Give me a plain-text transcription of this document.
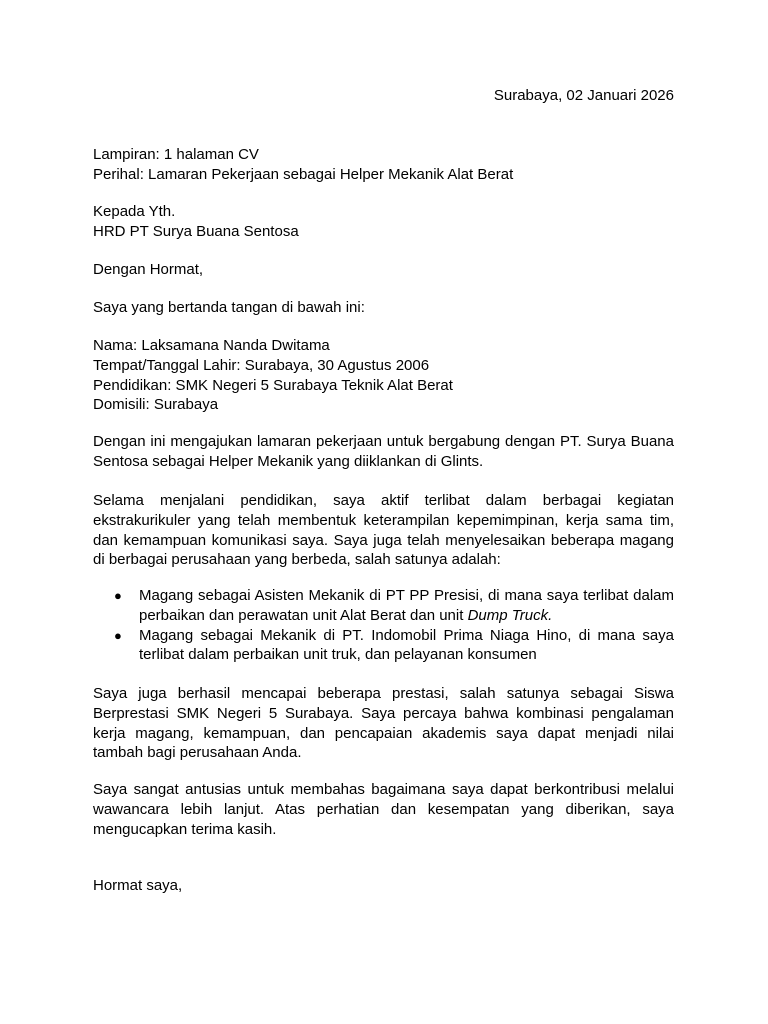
Surabaya, 02 Januari 2026
Lampiran: 1 halaman CV
Perihal: Lamaran Pekerjaan sebagai Helper Mekanik Alat Berat
Kepada Yth.
HRD PT Surya Buana Sentosa
Dengan Hormat,
Saya yang bertanda tangan di bawah ini:
Nama: Laksamana Nanda Dwitama
Tempat/Tanggal Lahir: Surabaya, 30 Agustus 2006
Pendidikan: SMK Negeri 5 Surabaya Teknik Alat Berat
Domisili: Surabaya

Dengan ini mengajukan lamaran pekerjaan untuk bergabung dengan PT. Surya Buana Sentosa sebagai Helper Mekanik yang diiklankan di Glints.

Selama menjalani pendidikan, saya aktif terlibat dalam berbagai kegiatan ekstrakurikuler yang telah membentuk keterampilan kepemimpinan, kerja sama tim, dan kemampuan komunikasi saya. Saya juga telah menyelesaikan beberapa magang di berbagai perusahaan yang berbeda, salah satunya adalah:

● Magang sebagai Asisten Mekanik di PT PP Presisi, di mana saya terlibat dalam perbaikan dan perawatan unit Alat Berat dan unit Dump Truck.
● Magang sebagai Mekanik di PT. Indomobil Prima Niaga Hino, di mana saya terlibat dalam perbaikan unit truk, dan pelayanan konsumen

Saya juga berhasil mencapai beberapa prestasi, salah satunya sebagai Siswa Berprestasi SMK Negeri 5 Surabaya. Saya percaya bahwa kombinasi pengalaman kerja magang, kemampuan, dan pencapaian akademis saya dapat menjadi nilai tambah bagi perusahaan Anda.

Saya sangat antusias untuk membahas bagaimana saya dapat berkontribusi melalui wawancara lebih lanjut. Atas perhatian dan kesempatan yang diberikan, saya mengucapkan terima kasih.

Hormat saya,
